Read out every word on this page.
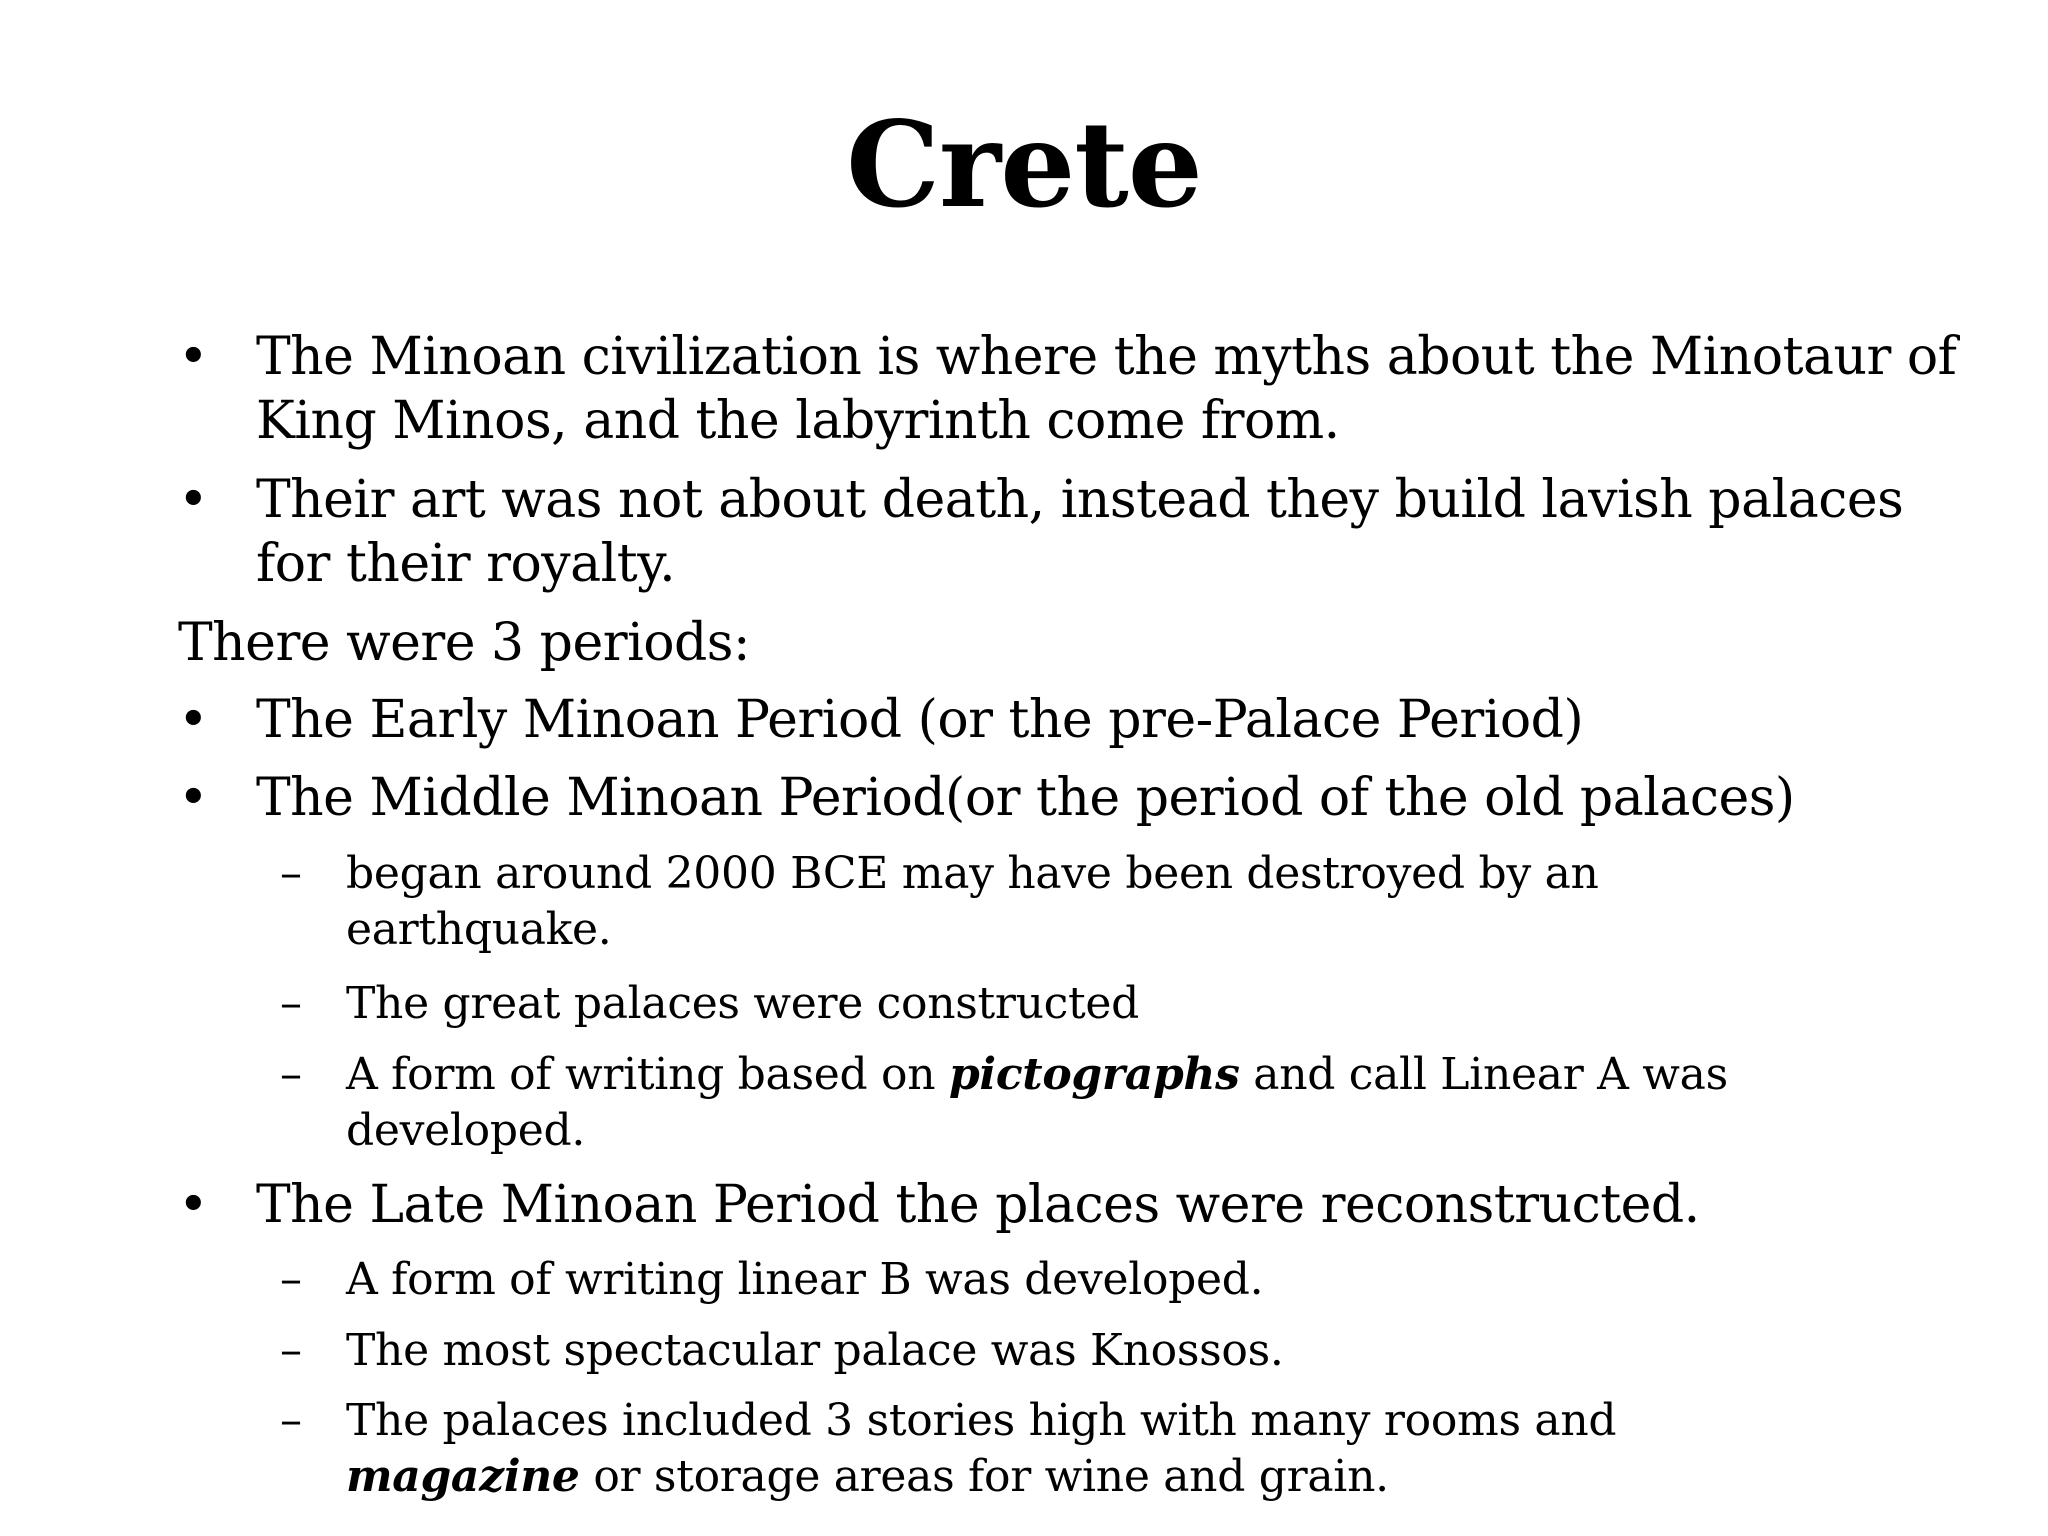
Crete
• The Minoan civilization is where the myths about the Minotaur of King Minos, and the labyrinth come from.
• Their art was not about death, instead they build lavish palaces for their royalty.
There were 3 periods:
• The Early Minoan Period (or the pre-Palace Period)
• The Middle Minoan Period(or the period of the old palaces)
–	began around 2000 BCE may have been destroyed by an earthquake.
–	The great palaces were constructed
–	A form of writing based on pictographs and call Linear A was developed.
• The Late Minoan Period the places were reconstructed.
–	A form of writing linear B was developed.
–	The most spectacular palace was Knossos.
–	The palaces included 3 stories high with many rooms and magazine or storage areas for wine and grain.
